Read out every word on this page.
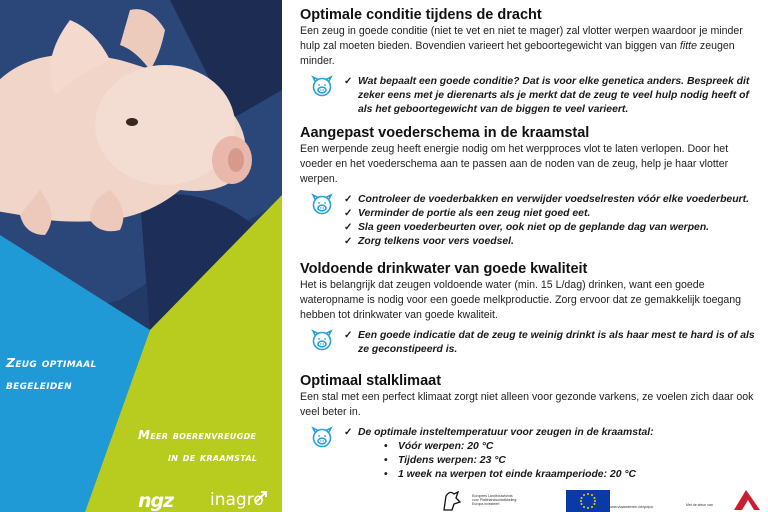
Zeug optimaal
begeleiden
Meer boerenvreugde
in de kraamstal
ngz inagro
Optimale conditie tijdens de dracht

Een zeug in goede conditie (niet te vet en niet te mager) zal vlotter werpen waardoor je minder hulp zal moeten bieden. Bovendien varieert het geboortegewicht van biggen van fitte zeugen minder.

✓ Wat bepaalt een goede conditie? Dat is voor elke genetica anders. Bespreek dit zeker eens met je dierenarts als je merkt dat de zeug te veel hulp nodig heeft of als het geboortegewicht van de biggen te veel varieert.
Aangepast voederschema in de kraamstal

Een werpende zeug heeft energie nodig om het werpproces vlot te laten verlopen. Door het voeder en het voederschema aan te passen aan de noden van de zeug, help je haar vlotter werpen.

✓ Controleer de voederbakken en verwijder voedselresten vóór elke voederbeurt.
✓ Verminder de portie als een zeug niet goed eet.
✓ Sla geen voederbeurten over, ook niet op de geplande dag van werpen.
✓ Zorg telkens voor vers voedsel.
Voldoende drinkwater van goede kwaliteit

Het is belangrijk dat zeugen voldoende water (min. 15 L/dag) drinken, want een goede wateropname is nodig voor een goede melkproductie. Zorg ervoor dat ze gemakkelijk toegang hebben tot drinkwater van goede kwaliteit.

✓ Een goede indicatie dat de zeug te weinig drinkt is als haar mest te hard is of als ze geconstipeerd is.
Optimaal stalklimaat

Een stal met een perfect klimaat zorgt niet alleen voor gezonde varkens, ze voelen zich daar ook veel beter in.

✓ De optimale insteltemperatuur voor zeugen in de kraamstal:
• Vóór werpen: 20 °C
• Tijdens werpen: 23 °C
• 1 week na werpen tot einde kraamperiode: 20 °C
Europees Landbouwfonds
voor Plattelandsontwikkeling:
Europa investeert	www.vlaanderen.be/pdpo	Met de steun van
